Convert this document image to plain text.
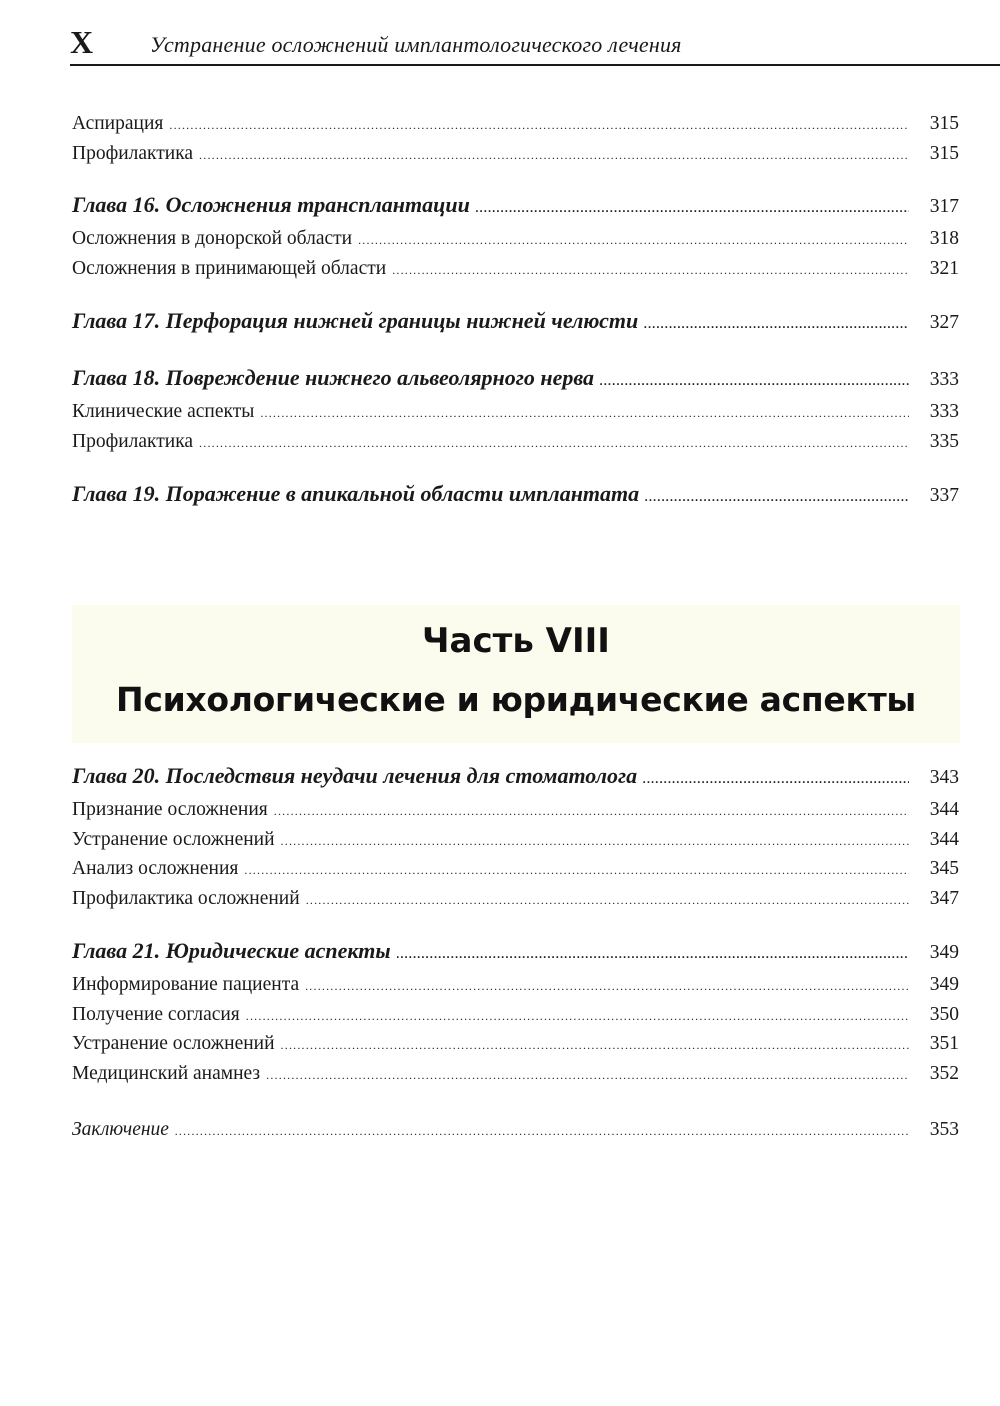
X	Устранение осложнений имплантологического лечения
Аспирация .....	315
Профилактика .....	315
Глава 16. Осложнения трансплантации .....	317
Осложнения в донорской области .....	318
Осложнения в принимающей области .....	321
Глава 17. Перфорация нижней границы нижней челюсти .....	327
Глава 18. Повреждение нижнего альвеолярного нерва .....	333
Клинические аспекты .....	333
Профилактика .....	335
Глава 19. Поражение в апикальной области имплантата .....	337
Часть VIII
Психологические и юридические аспекты
Глава 20. Последствия неудачи лечения для стоматолога .....	343
Признание осложнения .....	344
Устранение осложнений .....	344
Анализ осложнения .....	345
Профилактика осложнений .....	347
Глава 21. Юридические аспекты .....	349
Информирование пациента .....	349
Получение согласия .....	350
Устранение осложнений .....	351
Медицинский анамнез .....	352
Заключение .....	353
